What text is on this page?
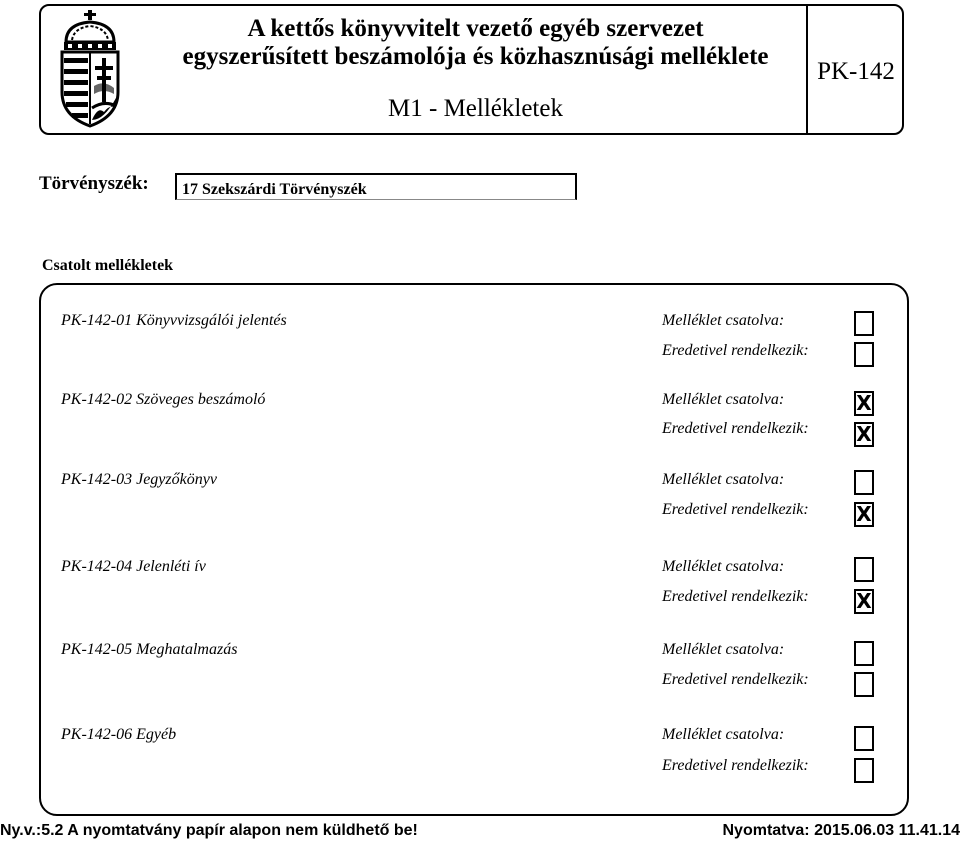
A kettős könyvvitelt vezető egyéb szervezet
egyszerűsített beszámolója és közhasznúsági melléklete
M1 - Mellékletek
PK-142
Törvényszék:	17 Szekszárdi Törvényszék
Csatolt mellékletek
PK-142-01 Könyvvizsgálói jelentés	Melléklet csatolva:
Eredetivel rendelkezik:
PK-142-02 Szöveges beszámoló	Melléklet csatolva:	X
Eredetivel rendelkezik: X
PK-142-03 Jegyzőkönyv	Melléklet csatolva:
Eredetivel rendelkezik: X
PK-142-04 Jelenléti ív	Melléklet csatolva:
Eredetivel rendelkezik: X
PK-142-05 Meghatalmazás	Melléklet csatolva:
Eredetivel rendelkezik:
PK-142-06 Egyéb	Melléklet csatolva:
Eredetivel rendelkezik:
Ny.v.:5.2 A nyomtatvány papír alapon nem küldhető be!	Nyomtatva: 2015.06.03 11.41.14
